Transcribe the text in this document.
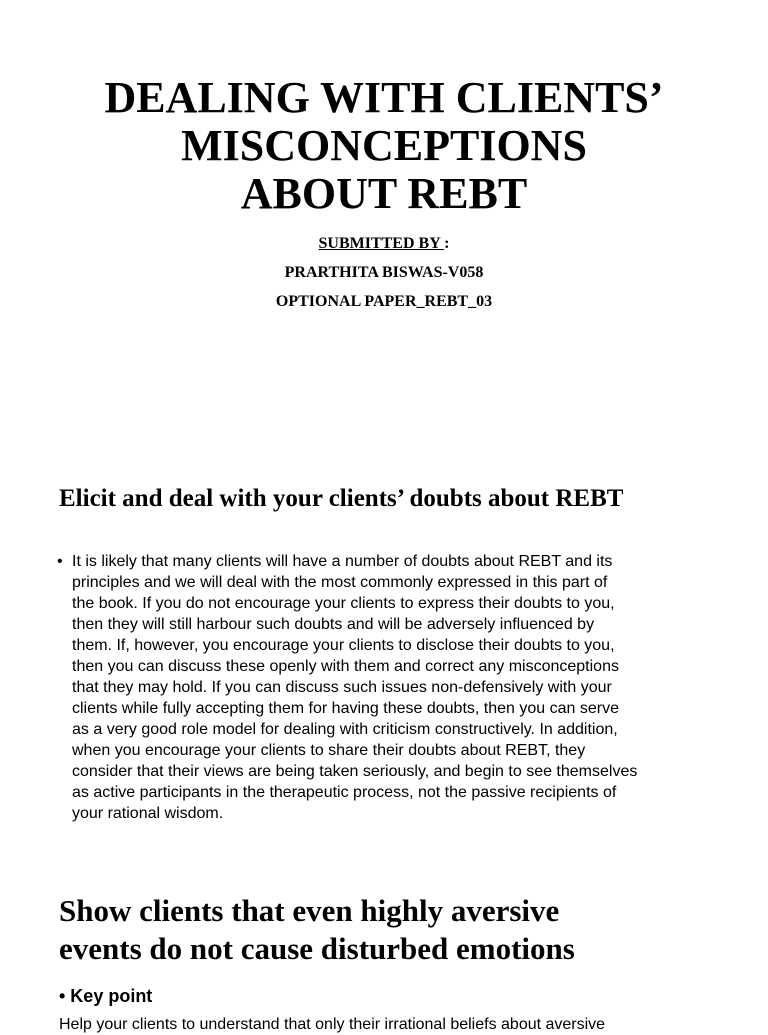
DEALING WITH CLIENTS’
MISCONCEPTIONS
ABOUT REBT
SUBMITTED BY :
PRARTHITA BISWAS-V058
OPTIONAL PAPER_REBT_03
Elicit and deal with your clients’ doubts about REBT
• It is likely that many clients will have a number of doubts about REBT and its
principles and we will deal with the most commonly expressed in this part of
the book. If you do not encourage your clients to express their doubts to you,
then they will still harbour such doubts and will be adversely influenced by
them. If, however, you encourage your clients to disclose their doubts to you,
then you can discuss these openly with them and correct any misconceptions
that they may hold. If you can discuss such issues non-defensively with your
clients while fully accepting them for having these doubts, then you can serve
as a very good role model for dealing with criticism constructively. In addition,
when you encourage your clients to share their doubts about REBT, they
consider that their views are being taken seriously, and begin to see themselves
as active participants in the therapeutic process, not the passive recipients of
your rational wisdom.
Show clients that even highly aversive
events do not cause disturbed emotions
• Key point
Help your clients to understand that only their irrational beliefs about aversive
